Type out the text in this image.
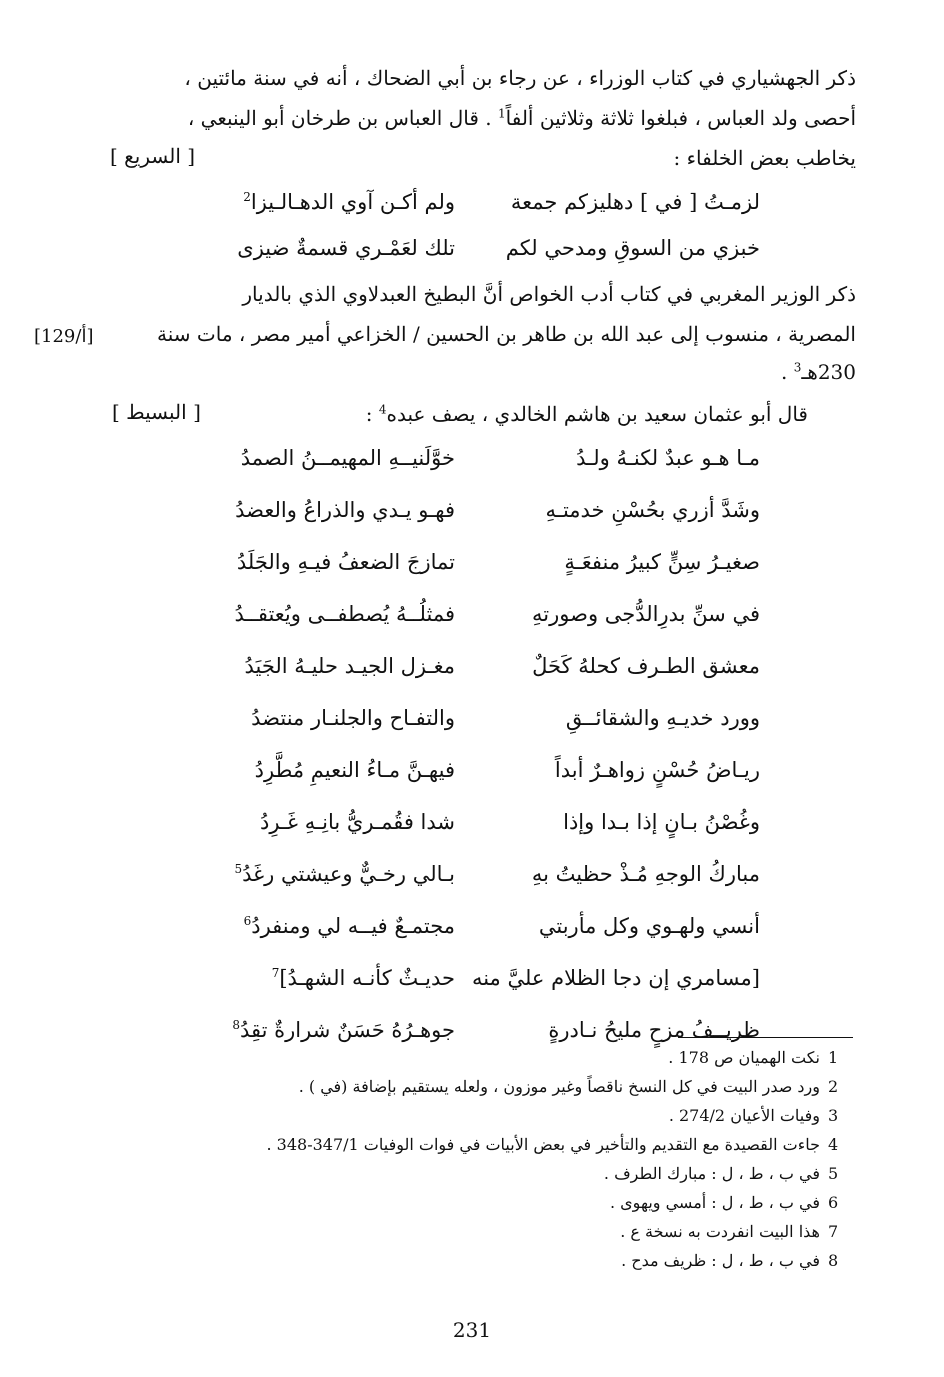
ذكر الجهشياري في كتاب الوزراء ، عن رجاء بن أبي الضحاك ، أنه في سنة مائتين ،
أحصى ولد العباس ، فبلغوا ثلاثة وثلاثين ألفاً$^1$ . قال العباس بن طرخان أبو الينبعي ،
يخاطب بعض الخلفاء :
[ السريع ]
لزمـتُ [ في ] دهليزكم جمعة
ولم أكـن آوي الدهـالـيزا$^2$
خبزي من السوقِ ومدحي لكم
تلك لعَمْـري قسمةٌ ضيزى
ذكر الوزير المغربي في كتاب أدب الخواص أنَّ البطيخ العبدلاوي الذي بالديار
المصرية ، منسوب إلى عبد الله بن طاهر بن الحسين / الخزاعي أمير مصر ، مات سنة
[129/أ]
230هـ$^3$ .
قال أبو عثمان سعيد بن هاشم الخالدي ، يصف عبده$^4$ :
[ البسيط ]
مـا هـو عبدٌ لكنـهُ ولـدُ
خوَّلَنيــهِ المهيمــنُ الصمدُ
وشَدَّ أزري بحُسْنِ خدمتـهِ
فهـو يـدي والذراعُ والعضدُ
صغيـرُ سِنٍّ كبيرُ منفعَـةٍ
تمازجَ الضعفُ فيـهِ والجَلَدُ
في سنِّ بدرِالدُّجى وصورتهِ
فمثلُــهُ يُصطفــى ويُعتقــدُ
معشق الطـرف كحلهُ كَحَلٌ
مغـزل الجيـد حليـهُ الجَيَدُ
وورد خديـهِ والشقائــقِ
والتفـاح والجلنـار منتضدُ
ريـاضُ حُسْنٍ زواهـرٌ أبداً
فيهـنَّ مـاءُ النعيمِ مُطَّرِدُ
وغُصْنُ بـانٍ إذا بـدا وإذا
شدا فقُمـريُّ بانِـهِ غَـرِدُ
مباركُ الوجهِ مُـذْ حظيتُ بهِ
بـالي رخـيٌّ وعيشتي رغَدُ$^5$
أنسي ولهـوي وكل مأربتي
مجتمـعٌ فيــه لي ومنفردُ$^6$
[مسامري إن دجا الظلام عليَّ منه
حديـثٌ كأنـه الشهـدُ]$^7$
ظريــفُ مزحٍ مليحُ نـادرةٍ
جوهـرُهُ حَسَنٌ شرارةٌ تقِدُ$^8$
1نكت الهميان ص 178 .
2ورد صدر البيت في كل النسخ ناقصاً وغير موزون ، ولعله يستقيم بإضافة (في ) .
3وفيات الأعيان 274/2 .
4جاءت القصيدة مع التقديم والتأخير في بعض الأبيات في فوات الوفيات 347/1-348 .
5في ب ، ط ، ل : مبارك الطرف .
6في ب ، ط ، ل : أمسي ويهوى .
7هذا البيت انفردت به نسخة ع .
8في ب ، ط ، ل : ظريف مدح .
231
